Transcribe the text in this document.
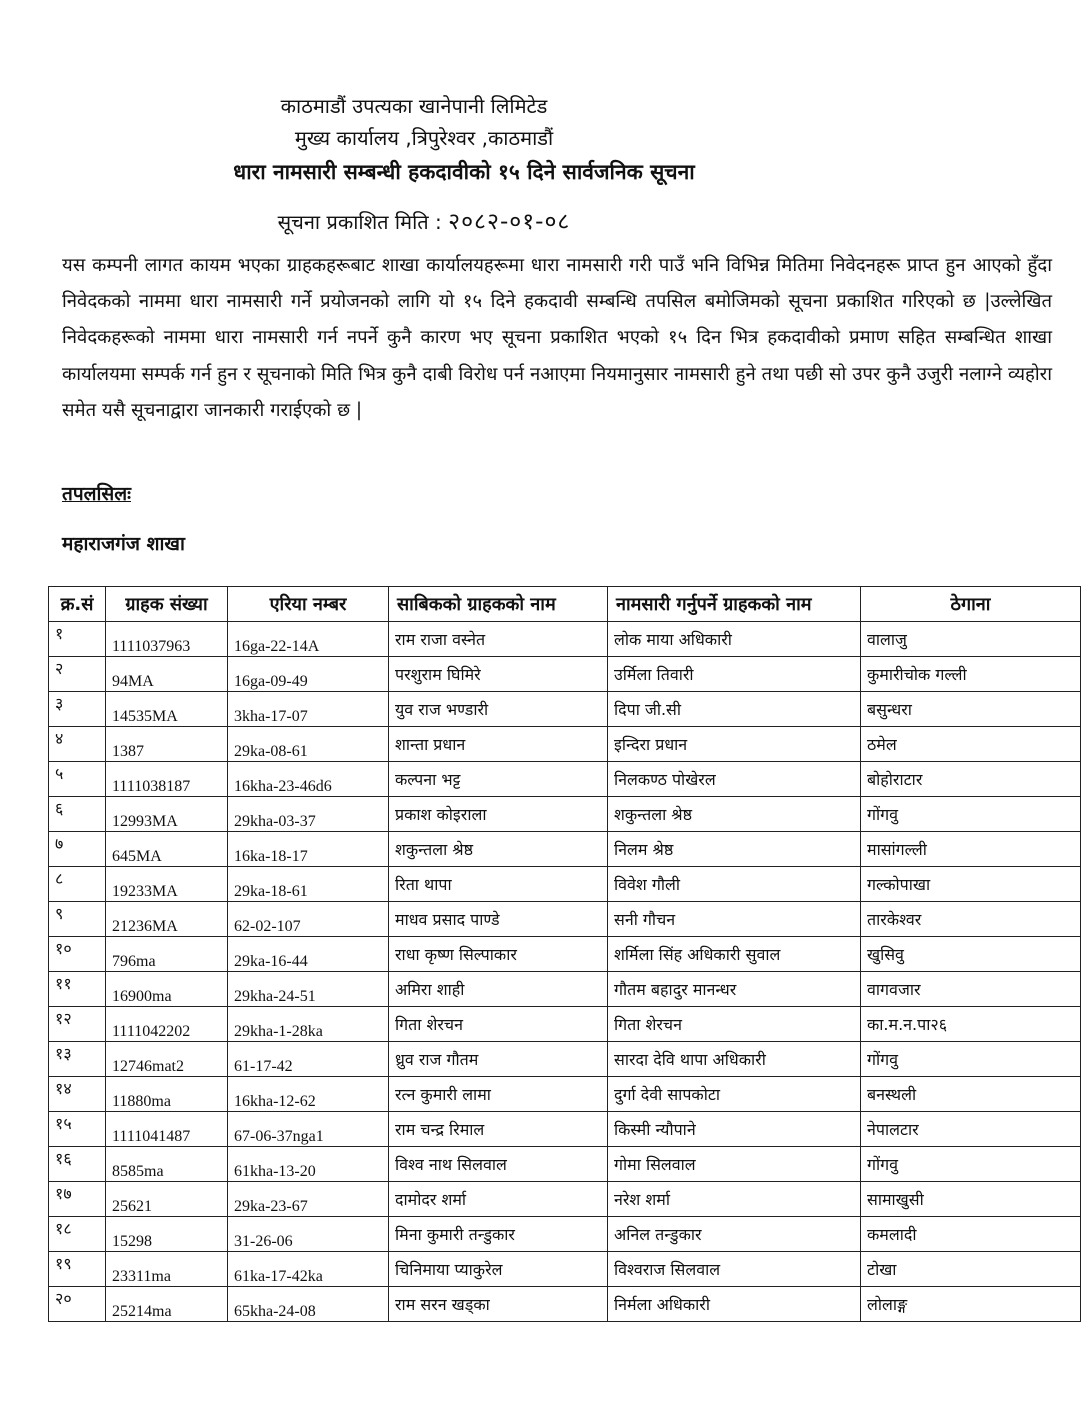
काठमाडौं उपत्यका खानेपानी लिमिटेड
मुख्य कार्यालय ,त्रिपुरेश्वर ,काठमाडौं
धारा नामसारी सम्बन्धी हकदावीको १५ दिने सार्वजनिक सूचना
सूचना प्रकाशित मिति : २०८२-०१-०८
यस कम्पनी लागत कायम भएका ग्राहकहरूबाट शाखा कार्यालयहरूमा धारा नामसारी गरी पाउँ भनि विभिन्न मितिमा निवेदनहरू प्राप्त हुन आएको हुँदा निवेदकको नाममा धारा नामसारी गर्ने प्रयोजनको लागि यो १५ दिने हकदावी सम्बन्धि तपसिल बमोजिमको सूचना प्रकाशित गरिएको छ |उल्लेखित निवेदकहरूको नाममा धारा नामसारी गर्न नपर्ने कुनै कारण भए सूचना प्रकाशित भएको १५ दिन भित्र हकदावीको प्रमाण सहित सम्बन्धित शाखा कार्यालयमा सम्पर्क गर्न हुन र सूचनाको मिति भित्र कुनै दाबी विरोध पर्न नआएमा नियमानुसार नामसारी हुने तथा पछी सो उपर कुनै उजुरी नलाग्ने व्यहोरा समेत यसै सूचनाद्वारा जानकारी गराईएको छ |
तपलसिलः
महाराजगंज शाखा
क्र.सं	ग्राहक संख्या	एरिया नम्बर	साबिकको ग्राहकको नाम	नामसारी गर्नुपर्ने ग्राहकको नाम	ठेगाना
१	1111037963	16ga-22-14A	राम राजा वस्नेत	लोक माया अधिकारी	वालाजु
२	94MA	16ga-09-49	परशुराम घिमिरे	उर्मिला तिवारी	कुमारीचोक गल्ली
३	14535MA	3kha-17-07	युव राज भण्डारी	दिपा जी.सी	बसुन्धरा
४	1387	29ka-08-61	शान्ता प्रधान	इन्दिरा प्रधान	ठमेल
५	1111038187	16kha-23-46d6	कल्पना भट्ट	निलकण्ठ पोखेरल	बोहोराटार
६	12993MA	29kha-03-37	प्रकाश कोइराला	शकुन्तला श्रेष्ठ	गोंगवु
७	645MA	16ka-18-17	शकुन्तला श्रेष्ठ	निलम श्रेष्ठ	मासांगल्ली
८	19233MA	29ka-18-61	रिता थापा	विवेश गौली	गल्कोपाखा
९	21236MA	62-02-107	माधव प्रसाद पाण्डे	सनी गौचन	तारकेश्वर
१०	796ma	29ka-16-44	राधा कृष्ण सिल्पाकार	शर्मिला सिंह अधिकारी सुवाल	खुसिवु
११	16900ma	29kha-24-51	अमिरा शाही	गौतम बहादुर मानन्धर	वागवजार
१२	1111042202	29kha-1-28ka	गिता शेरचन	गिता शेरचन	का.म.न.पा२६
१३	12746mat2	61-17-42	ध्रुव राज गौतम	सारदा देवि थापा अधिकारी	गोंगवु
१४	11880ma	16kha-12-62	रत्न कुमारी लामा	दुर्गा देवी सापकोटा	बनस्थली
१५	1111041487	67-06-37nga1	राम चन्द्र रिमाल	किस्मी न्यौपाने	नेपालटार
१६	8585ma	61kha-13-20	विश्व नाथ सिलवाल	गोमा सिलवाल	गोंगवु
१७	25621	29ka-23-67	दामोदर शर्मा	नरेश शर्मा	सामाखुसी
१८	15298	31-26-06	मिना कुमारी तन्डुकार	अनिल तन्डुकार	कमलादी
१९	23311ma	61ka-17-42ka	चिनिमाया प्याकुरेल	विश्वराज सिलवाल	टोखा
२०	25214ma	65kha-24-08	राम सरन खड्का	निर्मला अधिकारी	लोलाङ्ग
